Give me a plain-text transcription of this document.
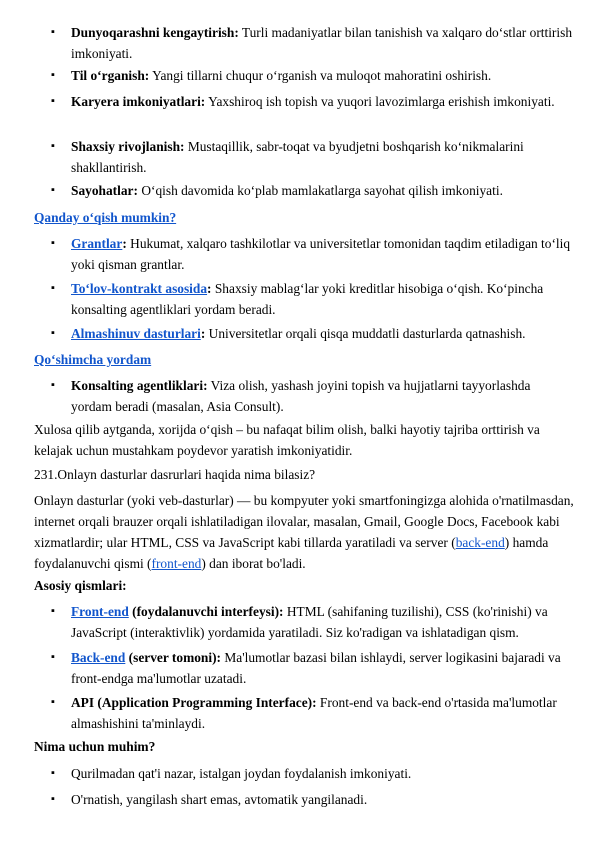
▪	Dunyoqarashni kengaytirish: Turli madaniyatlar bilan tanishish va xalqaro do‘stlar orttirish imkoniyati.
▪	Til o‘rganish: Yangi tillarni chuqur o‘rganish va muloqot mahoratini oshirish.
▪	Karyera imkoniyatlari: Yaxshiroq ish topish va yuqori lavozimlarga erishish imkoniyati.
▪	Shaxsiy rivojlanish: Mustaqillik, sabr-toqat va byudjetni boshqarish ko‘nikmalarini shakllantirish.
▪	Sayohatlar: O‘qish davomida ko‘plab mamlakatlarga sayohat qilish imkoniyati.
Qanday o‘qish mumkin?
▪	Grantlar: Hukumat, xalqaro tashkilotlar va universitetlar tomonidan taqdim etiladigan to‘liq yoki qisman grantlar.
▪	To‘lov-kontrakt asosida: Shaxsiy mablag‘lar yoki kreditlar hisobiga o‘qish. Ko‘pincha konsalting agentliklari yordam beradi.
▪	Almashinuv dasturlari: Universitetlar orqali qisqa muddatli dasturlarda qatnashish.
Qo‘shimcha yordam
▪	Konsalting agentliklari: Viza olish, yashash joyini topish va hujjatlarni tayyorlashda yordam beradi (masalan, Asia Consult).
Xulosa qilib aytganda, xorijda o‘qish – bu nafaqat bilim olish, balki hayotiy tajriba orttirish va kelajak uchun mustahkam poydevor yaratish imkoniyatidir.
231.Onlayn dasturlar dasrurlari haqida nima bilasiz?
Onlayn dasturlar (yoki veb-dasturlar) — bu kompyuter yoki smartfoningizga alohida o'rnatilmasdan, internet orqali brauzer orqali ishlatiladigan ilovalar, masalan, Gmail, Google Docs, Facebook kabi xizmatlardir; ular HTML, CSS va JavaScript kabi tillarda yaratiladi va server (back-end) hamda foydalanuvchi qismi (front-end) dan iborat bo'ladi.
Asosiy qismlari:
▪	Front-end (foydalanuvchi interfeysi): HTML (sahifaning tuzilishi), CSS (ko'rinishi) va JavaScript (interaktivlik) yordamida yaratiladi. Siz ko'radigan va ishlatadigan qism.
▪	Back-end (server tomoni): Ma'lumotlar bazasi bilan ishlaydi, server logikasini bajaradi va front-endga ma'lumotlar uzatadi.
▪	API (Application Programming Interface): Front-end va back-end o'rtasida ma'lumotlar almashishini ta'minlaydi.
Nima uchun muhim?
▪	Qurilmadan qat'i nazar, istalgan joydan foydalanish imkoniyati.
▪	O'rnatish, yangilash shart emas, avtomatik yangilanadi.
